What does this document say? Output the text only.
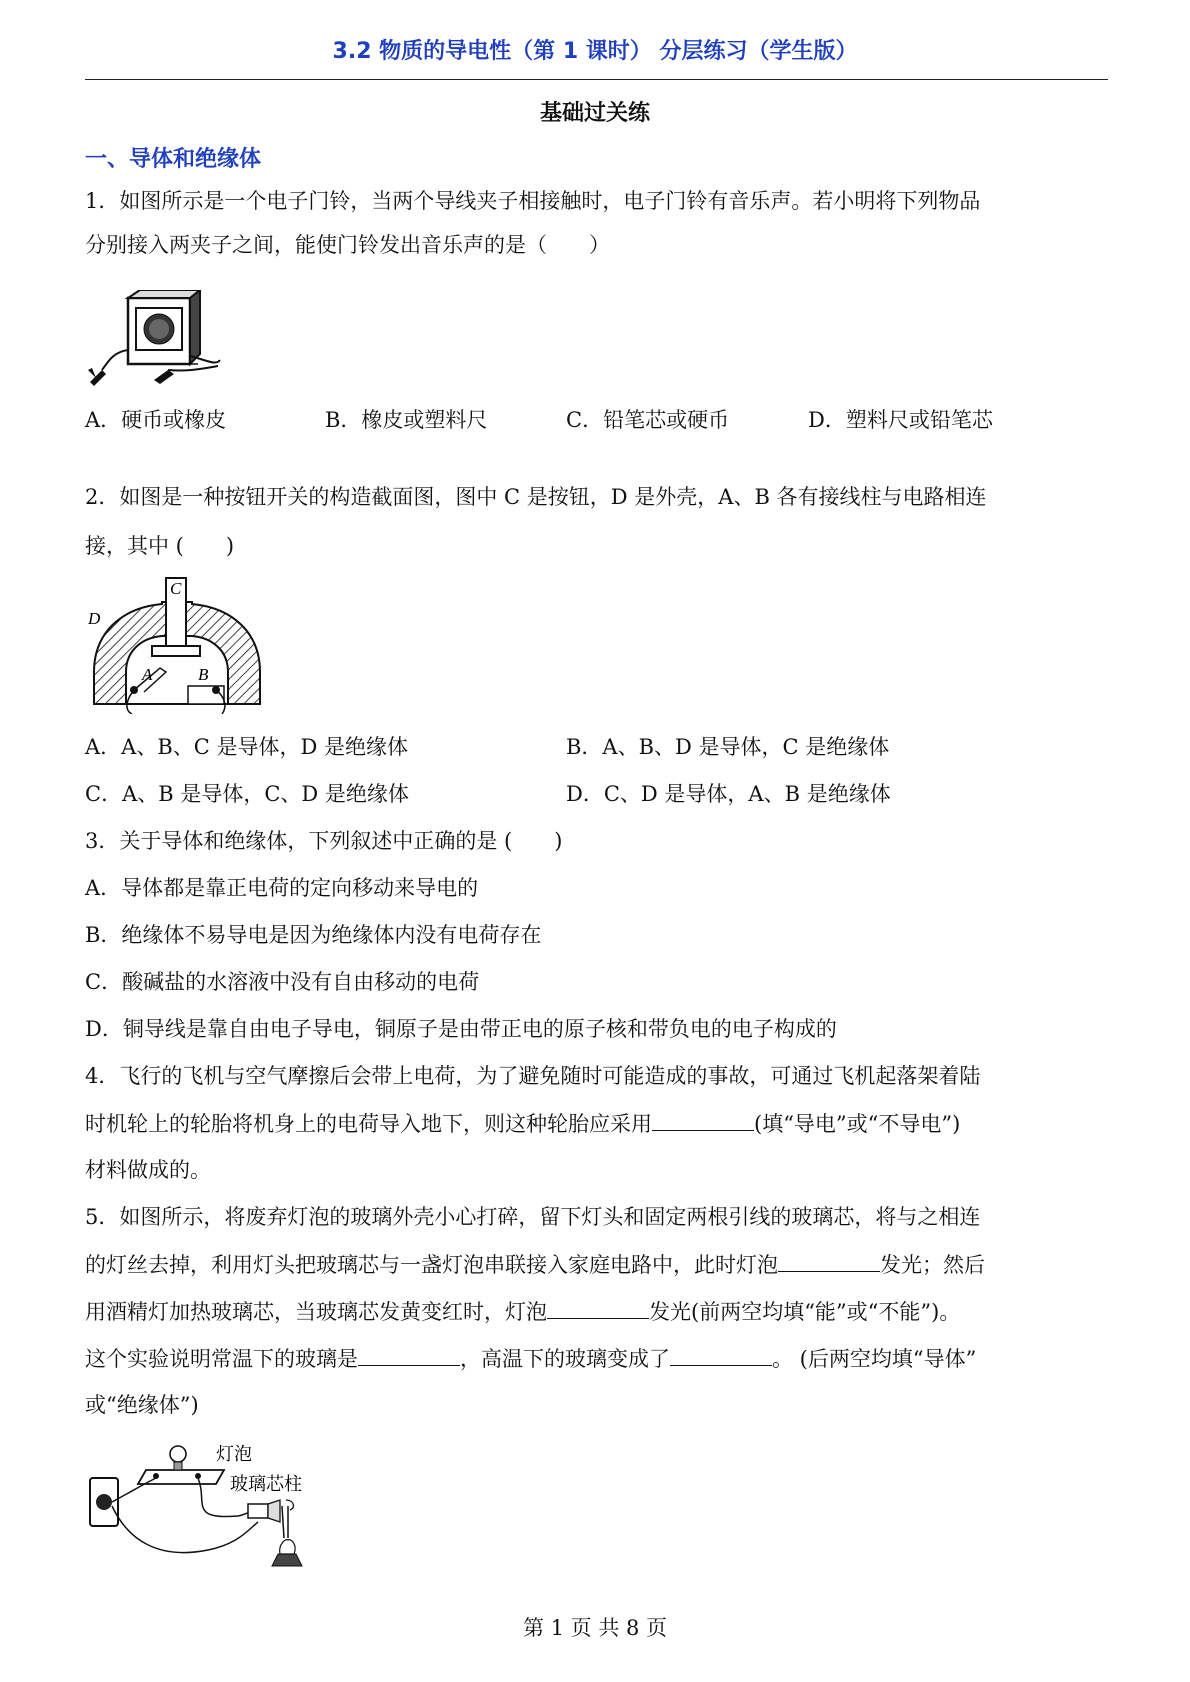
3.2 物质的导电性（第 1 课时） 分层练习（学生版）
基础过关练
一、导体和绝缘体
1．如图所示是一个电子门铃，当两个导线夹子相接触时，电子门铃有音乐声。若小明将下列物品
分别接入两夹子之间，能使门铃发出音乐声的是（　　）
A．硬币或橡皮	B．橡皮或塑料尺	C．铅笔芯或硬币	D．塑料尺或铅笔芯
2．如图是一种按钮开关的构造截面图，图中 C 是按钮，D 是外壳，A、B 各有接线柱与电路相连
接，其中 (　　)
C
D
A	B
A．A、B、C 是导体，D 是绝缘体	B．A、B、D 是导体，C 是绝缘体
C．A、B 是导体，C、D 是绝缘体	D．C、D 是导体，A、B 是绝缘体
3．关于导体和绝缘体，下列叙述中正确的是 (　　)
A．导体都是靠正电荷的定向移动来导电的
B．绝缘体不易导电是因为绝缘体内没有电荷存在
C．酸碱盐的水溶液中没有自由移动的电荷
D．铜导线是靠自由电子导电，铜原子是由带正电的原子核和带负电的电子构成的
4．飞行的飞机与空气摩擦后会带上电荷，为了避免随时可能造成的事故，可通过飞机起落架着陆
时机轮上的轮胎将机身上的电荷导入地下，则这种轮胎应采用	(填“导电”或“不导电”)
材料做成的。
5．如图所示，将废弃灯泡的玻璃外壳小心打碎，留下灯头和固定两根引线的玻璃芯，将与之相连
的灯丝去掉，利用灯头把玻璃芯与一盏灯泡串联接入家庭电路中，此时灯泡	发光；然后
用酒精灯加热玻璃芯，当玻璃芯发黄变红时，灯泡	发光(前两空均填“能”或“不能”)。
这个实验说明常温下的玻璃是	，高温下的玻璃变成了	。 (后两空均填“导体”
或“绝缘体”)
灯泡
玻璃芯柱
第 1 页 共 8 页
